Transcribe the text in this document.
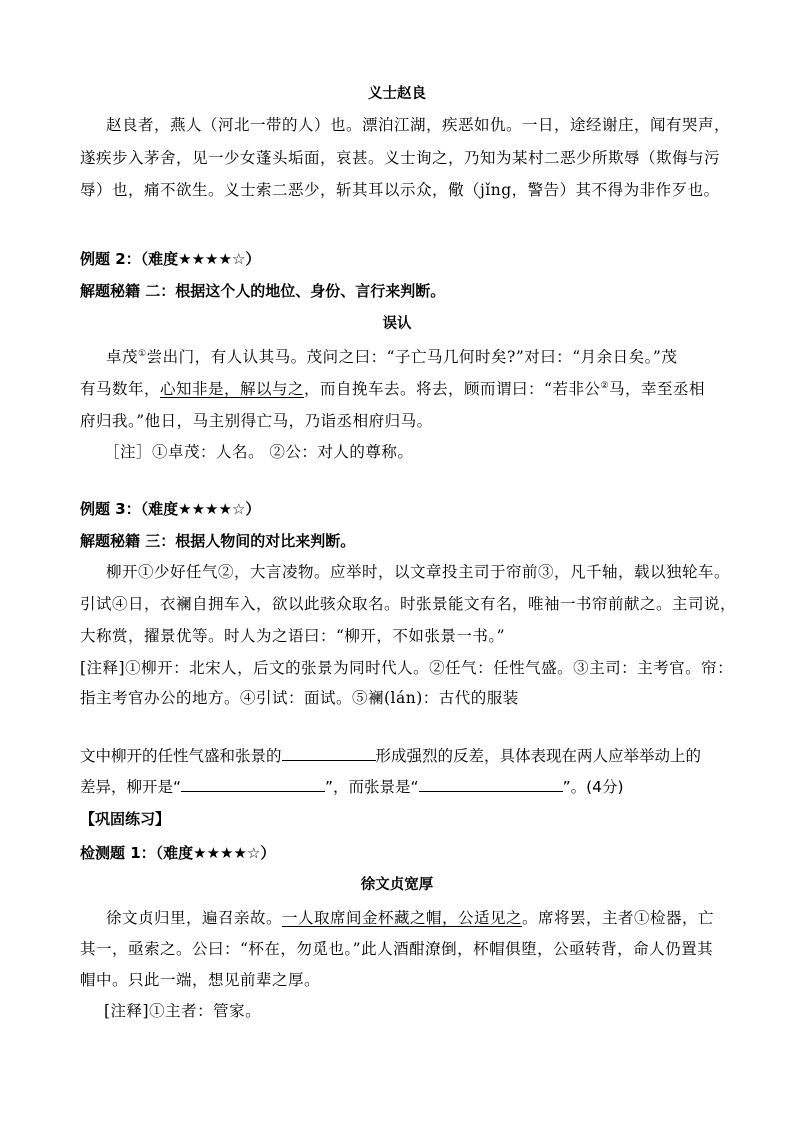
义士赵良
赵良者，燕人（河北一带的人）也。漂泊江湖，疾恶如仇。一日，途经谢庄，闻有哭声，
遂疾步入茅舍，见一少女蓬头垢面，哀甚。义士询之，乃知为某村二恶少所欺辱（欺侮与污
辱）也，痛不欲生。义士索二恶少，斩其耳以示众，儆（jǐng，警告）其不得为非作歹也。
例题 2：（难度★★★★☆）
解题秘籍 二：根据这个人的地位、身份、言行来判断。
误认
卓茂①尝出门，有人认其马。茂问之曰：“子亡马几何时矣?”对曰：“月余日矣。”茂
有马数年，心知非是，解以与之，而自挽车去。将去，顾而谓曰：“若非公②马，幸至丞相
府归我。”他日，马主别得亡马，乃诣丞相府归马。
［注］①卓茂：人名。 ②公：对人的尊称。
例题 3：（难度★★★★☆）
解题秘籍 三：根据人物间的对比来判断。
柳开①少好任气②，大言凌物。应举时，以文章投主司于帘前③，凡千轴，载以独轮车。
引试④日，衣襕自拥车入，欲以此骇众取名。时张景能文有名，唯袖一书帘前献之。主司说，
大称赏，擢景优等。时人为之语曰：“柳开，不如张景一书。”
[注释]①柳开：北宋人，后文的张景为同时代人。②任气：任性气盛。③主司：主考官。帘：
指主考官办公的地方。④引试：面试。⑤襕(lán)：古代的服装
文中柳开的任性气盛和张景的	形成强烈的反差，具体表现在两人应举举动上的
差异，柳开是“	”，而张景是“	”。(4分)
【巩固练习】
检测题 1：（难度★★★★☆）
徐文贞宽厚
徐文贞归里，遍召亲故。一人取席间金杯藏之帽，公适见之。席将罢，主者①检器，亡
其一，亟索之。公曰：“杯在，勿觅也。”此人酒酣潦倒，杯帽俱堕，公亟转背，命人仍置其
帽中。只此一端，想见前辈之厚。
[注释]①主者：管家。
